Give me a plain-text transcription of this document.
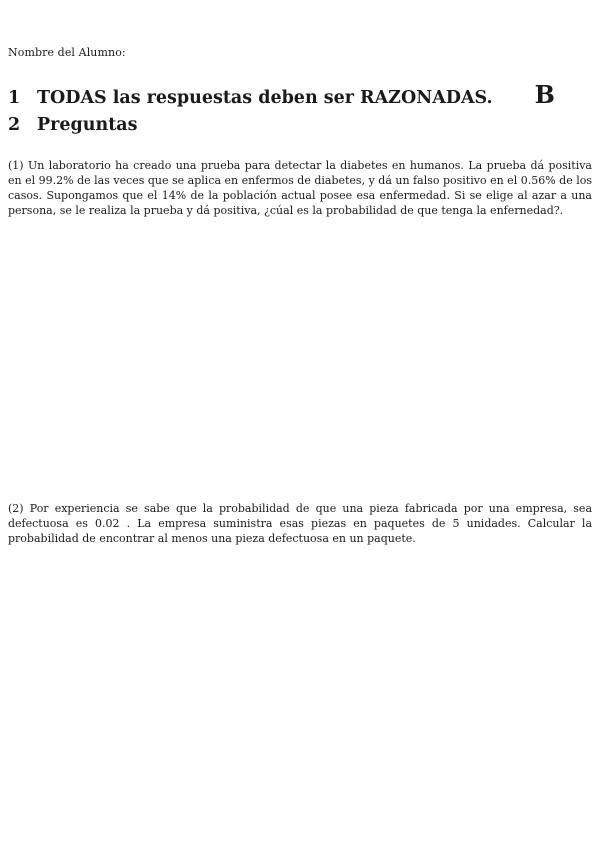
Nombre del Alumno:
1 TODAS las respuestas deben ser RAZONADAS. B
2 Preguntas

(1) Un laboratorio ha creado una prueba para detectar la diabetes en humanos. La prueba dá positiva en el 99.2% de las veces que se aplica en enfermos de diabetes, y dá un falso positivo en el 0.56% de los casos. Supongamos que el 14% de la población actual posee esa enfermedad. Si se elige al azar a una persona, se le realiza la prueba y dá positiva, ¿cúal es la probabilidad de que tenga la enfernedad?.

(2) Por experiencia se sabe que la probabilidad de que una pieza fabricada por una empresa, sea defectuosa es 0.02 . La empresa suministra esas piezas en paquetes de 5 unidades. Calcular la probabilidad de encontrar al menos una pieza defectuosa en un paquete.
